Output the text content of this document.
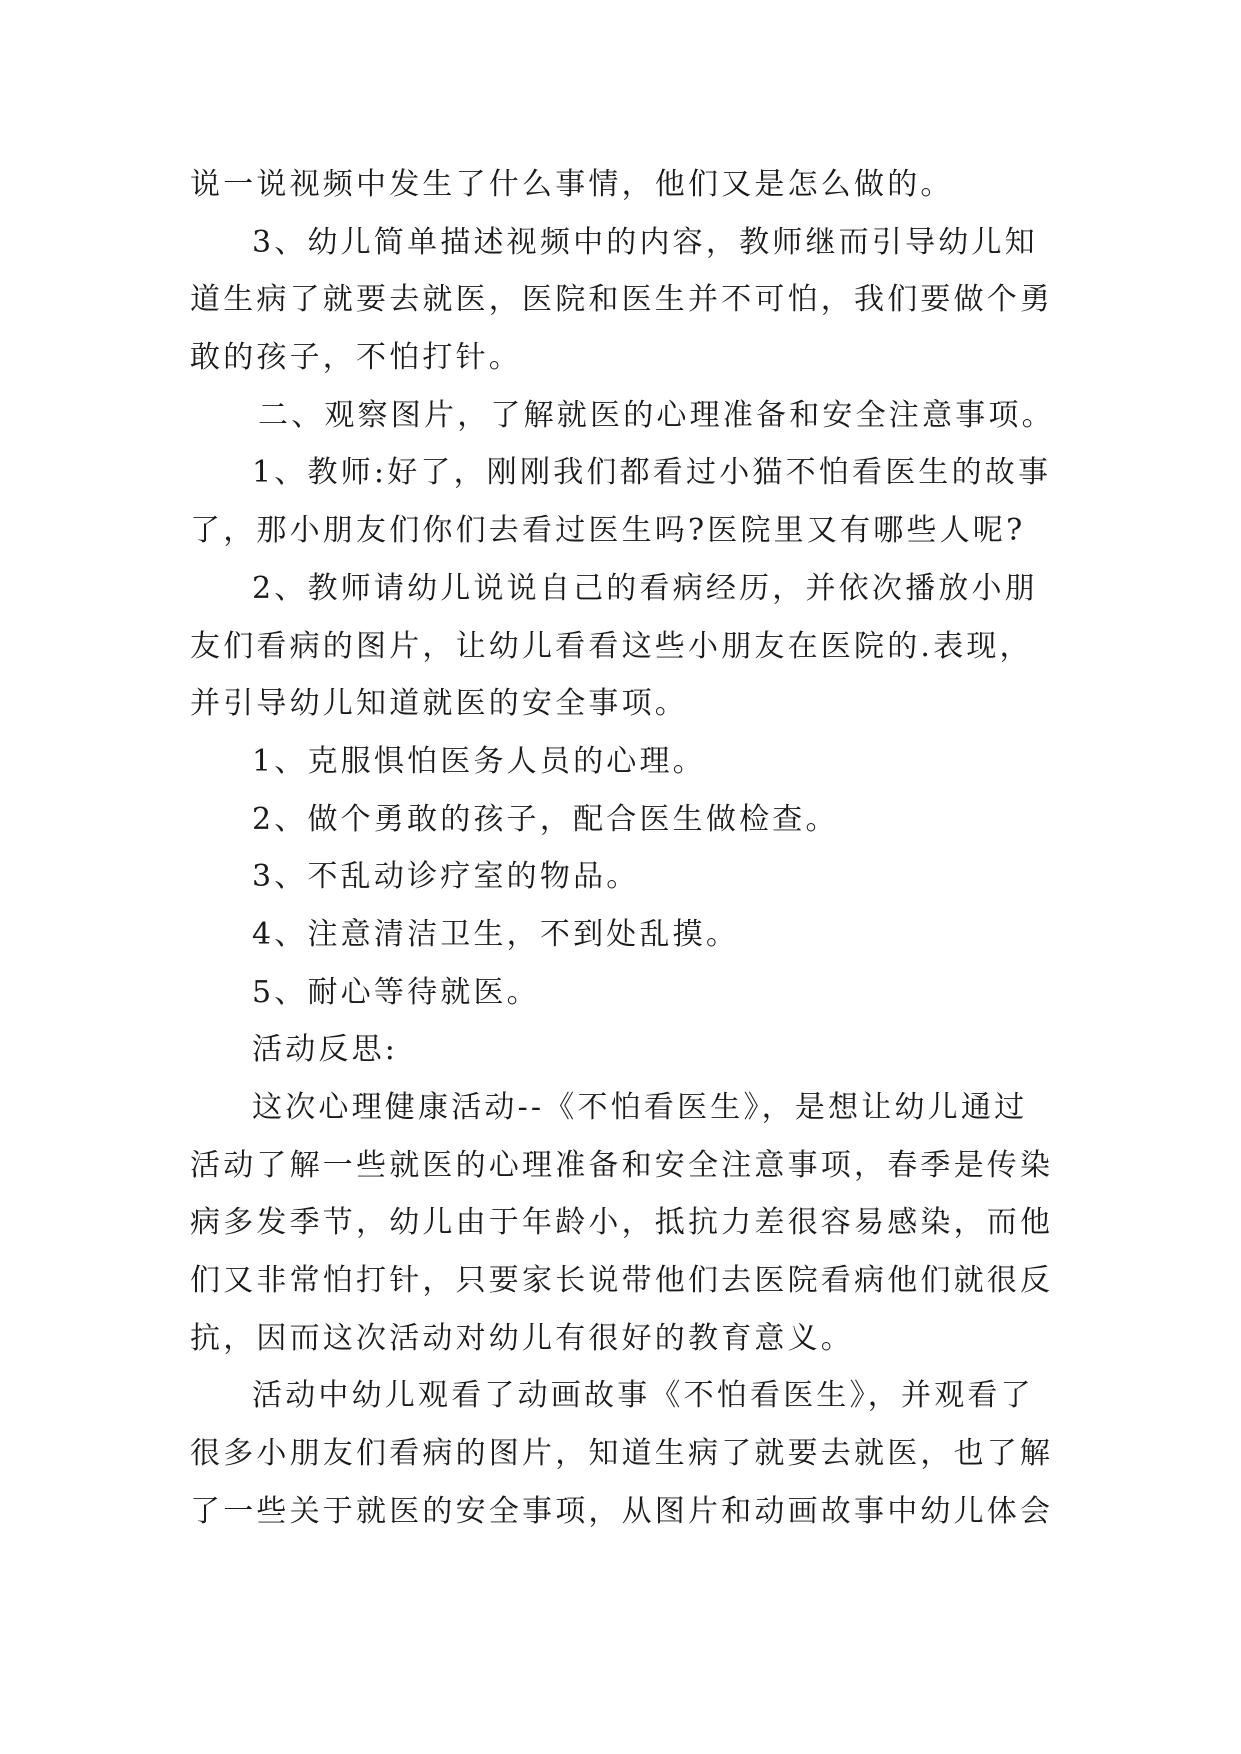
说一说视频中发生了什么事情，他们又是怎么做的。
3、幼儿简单描述视频中的内容，教师继而引导幼儿知
道生病了就要去就医，医院和医生并不可怕，我们要做个勇
敢的孩子，不怕打针。
二、观察图片，了解就医的心理准备和安全注意事项。
1、教师:好了，刚刚我们都看过小猫不怕看医生的故事
了，那小朋友们你们去看过医生吗?医院里又有哪些人呢?
2、教师请幼儿说说自己的看病经历，并依次播放小朋
友们看病的图片，让幼儿看看这些小朋友在医院的.表现，
并引导幼儿知道就医的安全事项。
1、克服惧怕医务人员的心理。
2、做个勇敢的孩子，配合医生做检查。
3、不乱动诊疗室的物品。
4、注意清洁卫生，不到处乱摸。
5、耐心等待就医。
活动反思:
这次心理健康活动--《不怕看医生》，是想让幼儿通过
活动了解一些就医的心理准备和安全注意事项，春季是传染
病多发季节，幼儿由于年龄小，抵抗力差很容易感染，而他
们又非常怕打针，只要家长说带他们去医院看病他们就很反
抗，因而这次活动对幼儿有很好的教育意义。
活动中幼儿观看了动画故事《不怕看医生》，并观看了
很多小朋友们看病的图片，知道生病了就要去就医，也了解
了一些关于就医的安全事项，从图片和动画故事中幼儿体会
